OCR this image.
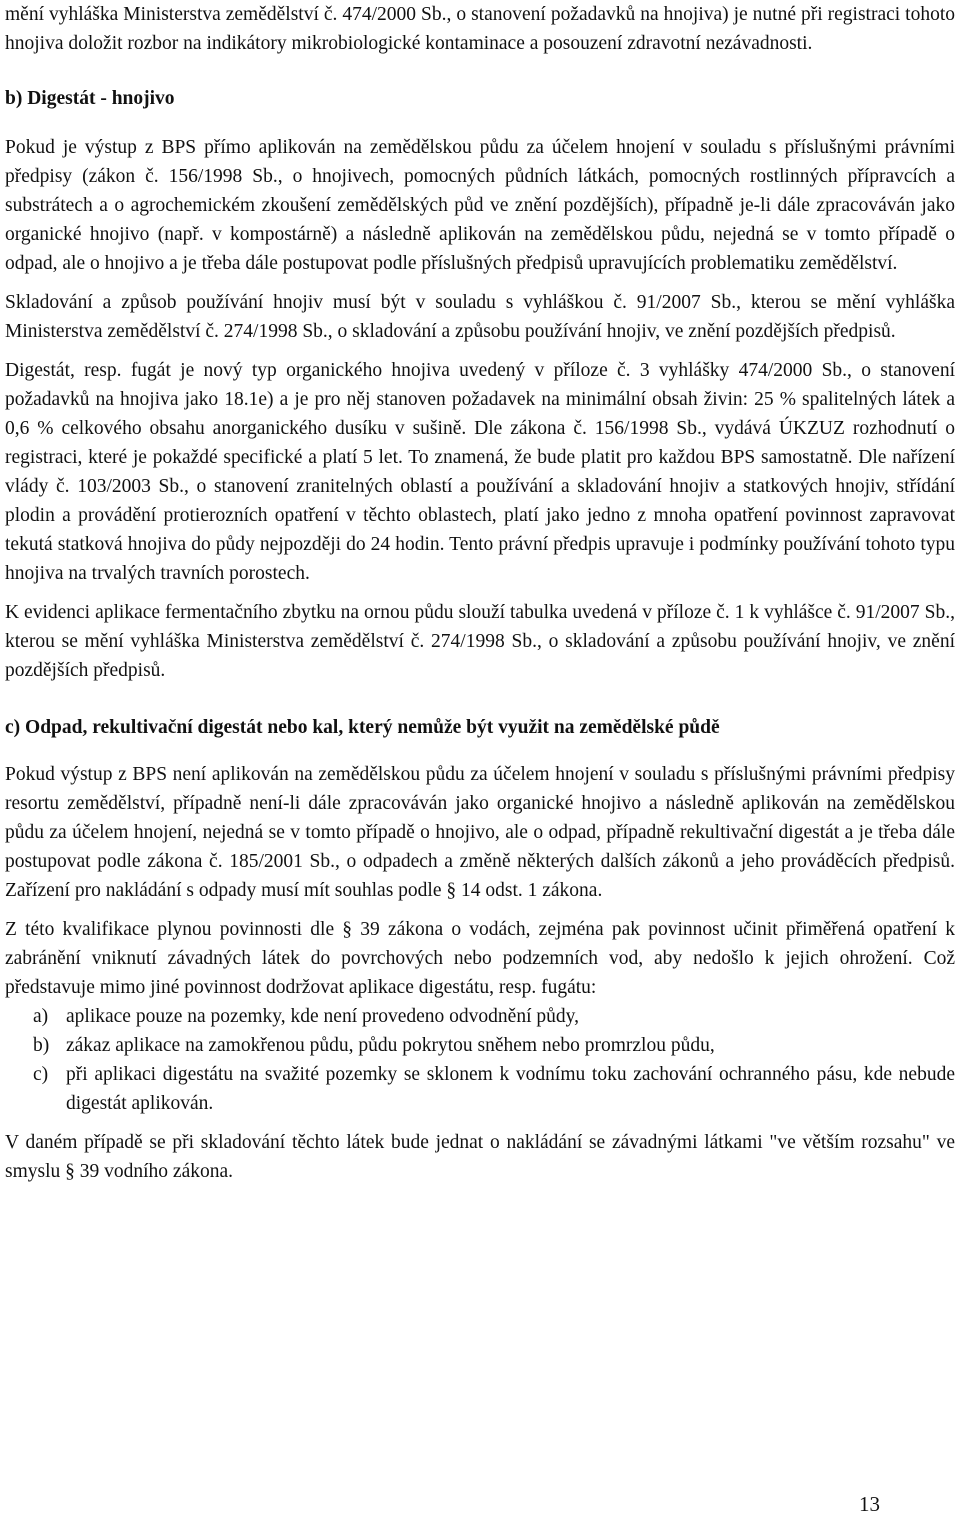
mění vyhláška Ministerstva zemědělství č. 474/2000 Sb., o stanovení požadavků na hnojiva) je nutné při registraci tohoto hnojiva doložit rozbor na indikátory mikrobiologické kontaminace a posouzení zdravotní nezávadnosti.

b) Digestát - hnojivo

Pokud je výstup z BPS přímo aplikován na zemědělskou půdu za účelem hnojení v souladu s příslušnými právními předpisy (zákon č. 156/1998 Sb., o hnojivech, pomocných půdních látkách, pomocných rostlinných přípravcích a substrátech a o agrochemickém zkoušení zemědělských půd ve znění pozdějších), případně je-li dále zpracováván jako organické hnojivo (např. v kompostárně) a následně aplikován na zemědělskou půdu, nejedná se v tomto případě o odpad, ale o hnojivo a je třeba dále postupovat podle příslušných předpisů upravujících problematiku zemědělství.

Skladování a způsob používání hnojiv musí být v souladu s vyhláškou č. 91/2007 Sb., kterou se mění vyhláška Ministerstva zemědělství č. 274/1998 Sb., o skladování a způsobu používání hnojiv, ve znění pozdějších předpisů.

Digestát, resp. fugát je nový typ organického hnojiva uvedený v příloze č. 3 vyhlášky 474/2000 Sb., o stanovení požadavků na hnojiva jako 18.1e) a je pro něj stanoven požadavek na minimální obsah živin: 25 % spalitelných látek a 0,6 % celkového obsahu anorganického dusíku v sušině. Dle zákona č. 156/1998 Sb., vydává ÚKZUZ rozhodnutí o registraci, které je pokaždé specifické a platí 5 let. To znamená, že bude platit pro každou BPS samostatně. Dle nařízení vlády č. 103/2003 Sb., o stanovení zranitelných oblastí a používání a skladování hnojiv a statkových hnojiv, střídání plodin a provádění protierozních opatření v těchto oblastech, platí jako jedno z mnoha opatření povinnost zapravovat tekutá statková hnojiva do půdy nejpozději do 24 hodin. Tento právní předpis upravuje i podmínky používání tohoto typu hnojiva na trvalých travních porostech.

K evidenci aplikace fermentačního zbytku na ornou půdu slouží tabulka uvedená v příloze č. 1 k vyhlášce č. 91/2007 Sb., kterou se mění vyhláška Ministerstva zemědělství č. 274/1998 Sb., o skladování a způsobu používání hnojiv, ve znění pozdějších předpisů.

c) Odpad, rekultivační digestát nebo kal, který nemůže být využit na zemědělské půdě

Pokud výstup z BPS není aplikován na zemědělskou půdu za účelem hnojení v souladu s příslušnými právními předpisy resortu zemědělství, případně není-li dále zpracováván jako organické hnojivo a následně aplikován na zemědělskou půdu za účelem hnojení, nejedná se v tomto případě o hnojivo, ale o odpad, případně rekultivační digestát a je třeba dále postupovat podle zákona č. 185/2001 Sb., o odpadech a změně některých dalších zákonů a jeho prováděcích předpisů. Zařízení pro nakládání s odpady musí mít souhlas podle § 14 odst. 1 zákona.

Z této kvalifikace plynou povinnosti dle § 39 zákona o vodách, zejména pak povinnost učinit přiměřená opatření k zabránění vniknutí závadných látek do povrchových nebo podzemních vod, aby nedošlo k jejich ohrožení. Což představuje mimo jiné povinnost dodržovat aplikace digestátu, resp. fugátu:

a) aplikace pouze na pozemky, kde není provedeno odvodnění půdy,
b) zákaz aplikace na zamokřenou půdu, půdu pokrytou sněhem nebo promrzlou půdu,
c) při aplikaci digestátu na svažité pozemky se sklonem k vodnímu toku zachování ochranného pásu, kde nebude digestát aplikován.

V daném případě se při skladování těchto látek bude jednat o nakládání se závadnými látkami "ve větším rozsahu" ve smyslu § 39 vodního zákona.

13
